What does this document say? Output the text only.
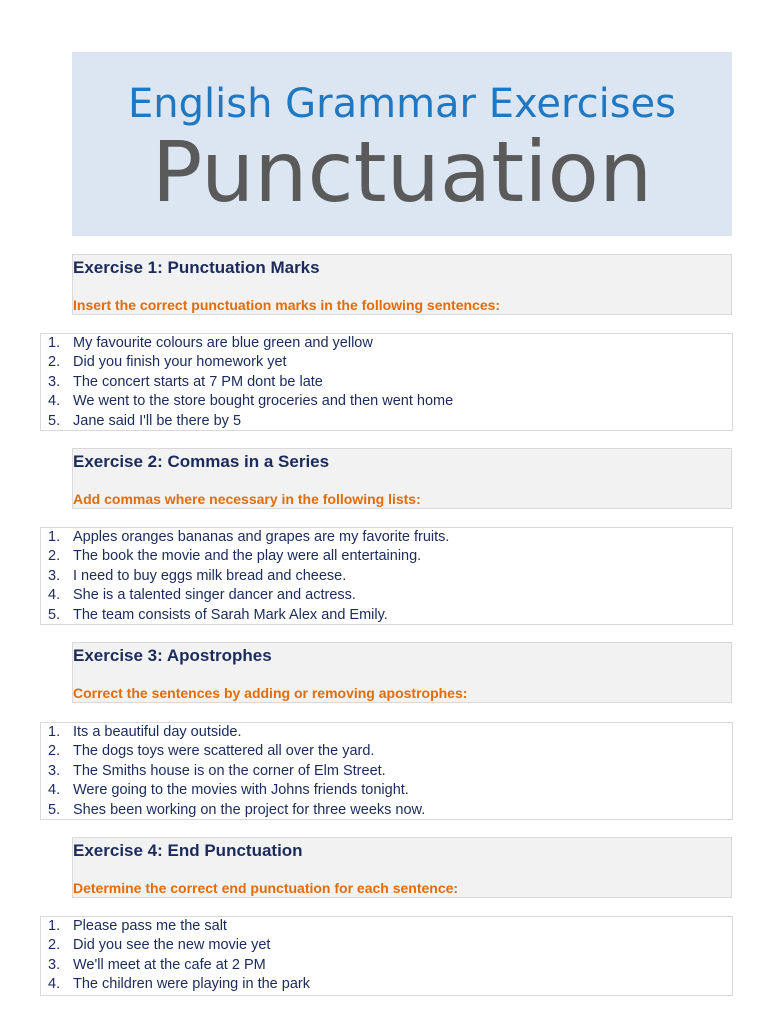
English Grammar Exercises
Punctuation
Exercise 1: Punctuation Marks
Insert the correct punctuation marks in the following sentences:
1. My favourite colours are blue green and yellow
2. Did you finish your homework yet
3. The concert starts at 7 PM dont be late
4. We went to the store bought groceries and then went home
5. Jane said I'll be there by 5
Exercise 2: Commas in a Series
Add commas where necessary in the following lists:
1. Apples oranges bananas and grapes are my favorite fruits.
2. The book the movie and the play were all entertaining.
3. I need to buy eggs milk bread and cheese.
4. She is a talented singer dancer and actress.
5. The team consists of Sarah Mark Alex and Emily.
Exercise 3: Apostrophes
Correct the sentences by adding or removing apostrophes:
1. Its a beautiful day outside.
2. The dogs toys were scattered all over the yard.
3. The Smiths house is on the corner of Elm Street.
4. Were going to the movies with Johns friends tonight.
5. Shes been working on the project for three weeks now.
Exercise 4: End Punctuation
Determine the correct end punctuation for each sentence:
1. Please pass me the salt
2. Did you see the new movie yet
3. We'll meet at the cafe at 2 PM
4. The children were playing in the park
